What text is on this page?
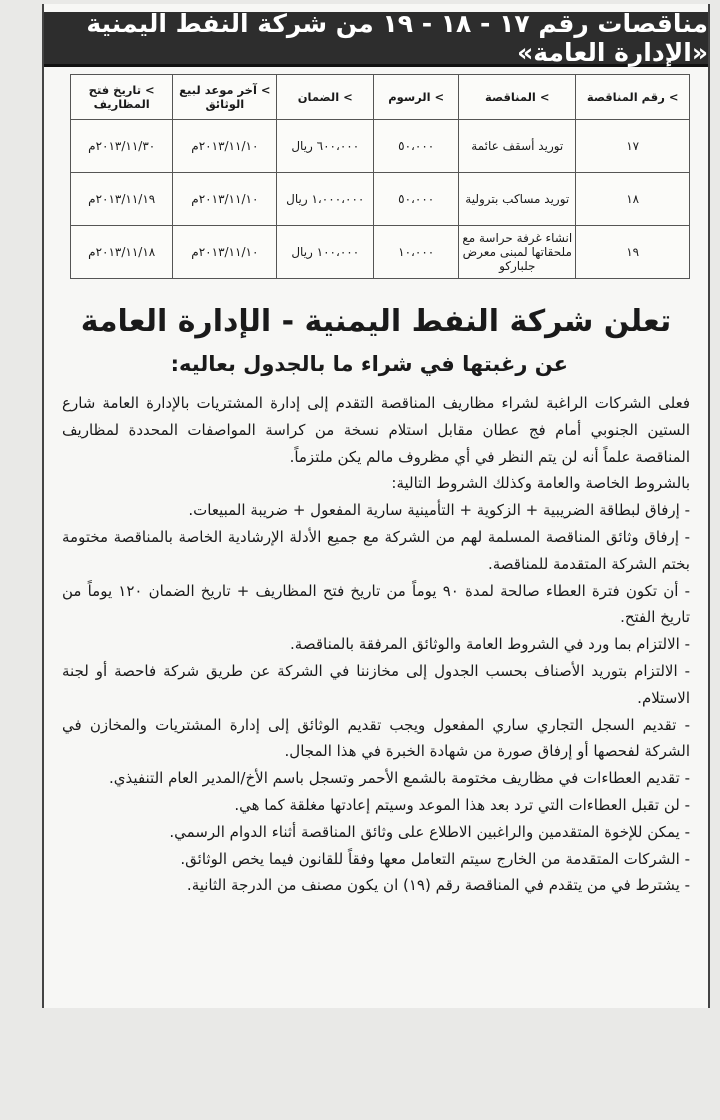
مناقصات رقم ١٧ - ١٨ - ١٩ من شركة النفط اليمنية «الإدارة العامة»
> رقم المناقصة	> المناقصة	> الرسوم	> الضمان	> آخر موعد لبيع الوثائق	> تاريخ فتح المظاريف
١٧	توريد أسقف عائمة	٥٠،٠٠٠	٦٠٠،٠٠٠ ريال	٢٠١٣/١١/١٠م	٢٠١٣/١١/٣٠م
١٨	توريد مساكب بترولية	٥٠،٠٠٠	١،٠٠٠،٠٠٠ ريال	٢٠١٣/١١/١٠م	٢٠١٣/١١/١٩م
١٩	انشاء غرفة حراسة مع ملحقاتها لمبنى معرض جلباركو	١٠،٠٠٠	١٠٠،٠٠٠ ريال	٢٠١٣/١١/١٠م	٢٠١٣/١١/١٨م
تعلن شركة النفط اليمنية - الإدارة العامة
عن رغبتها في شراء ما بالجدول بعاليه:

فعلى الشركات الراغبة لشراء مظاريف المناقصة التقدم إلى إدارة المشتريات بالإدارة العامة شارع الستين الجنوبي أمام فج عطان مقابل استلام نسخة من كراسة المواصفات المحددة لمظاريف المناقصة علماً أنه لن يتم النظر في أي مظروف مالم يكن ملتزماً.

بالشروط الخاصة والعامة وكذلك الشروط التالية:

- إرفاق لبطاقة الضريبية + الزكوية + التأمينية سارية المفعول + ضريبة المبيعات.

- إرفاق وثائق المناقصة المسلمة لهم من الشركة مع جميع الأدلة الإرشادية الخاصة بالمناقصة مختومة بختم الشركة المتقدمة للمناقصة.

- أن تكون فترة العطاء صالحة لمدة ٩٠ يوماً من تاريخ فتح المظاريف + تاريخ الضمان ١٢٠ يوماً من تاريخ الفتح.

- الالتزام بما ورد في الشروط العامة والوثائق المرفقة بالمناقصة.

- الالتزام بتوريد الأصناف بحسب الجدول إلى مخازننا في الشركة عن طريق شركة فاحصة أو لجنة الاستلام.

- تقديم السجل التجاري ساري المفعول ويجب تقديم الوثائق إلى إدارة المشتريات والمخازن في الشركة لفحصها أو إرفاق صورة من شهادة الخبرة في هذا المجال.

- تقديم العطاءات في مظاريف مختومة بالشمع الأحمر وتسجل باسم الأخ/المدير العام التنفيذي.

- لن تقبل العطاءات التي ترد بعد هذا الموعد وسيتم إعادتها مغلقة كما هي.

- يمكن للإخوة المتقدمين والراغبين الاطلاع على وثائق المناقصة أثناء الدوام الرسمي.

- الشركات المتقدمة من الخارج سيتم التعامل معها وفقاً للقانون فيما يخص الوثائق.

- يشترط في من يتقدم في المناقصة رقم (١٩) ان يكون مصنف من الدرجة الثانية.
